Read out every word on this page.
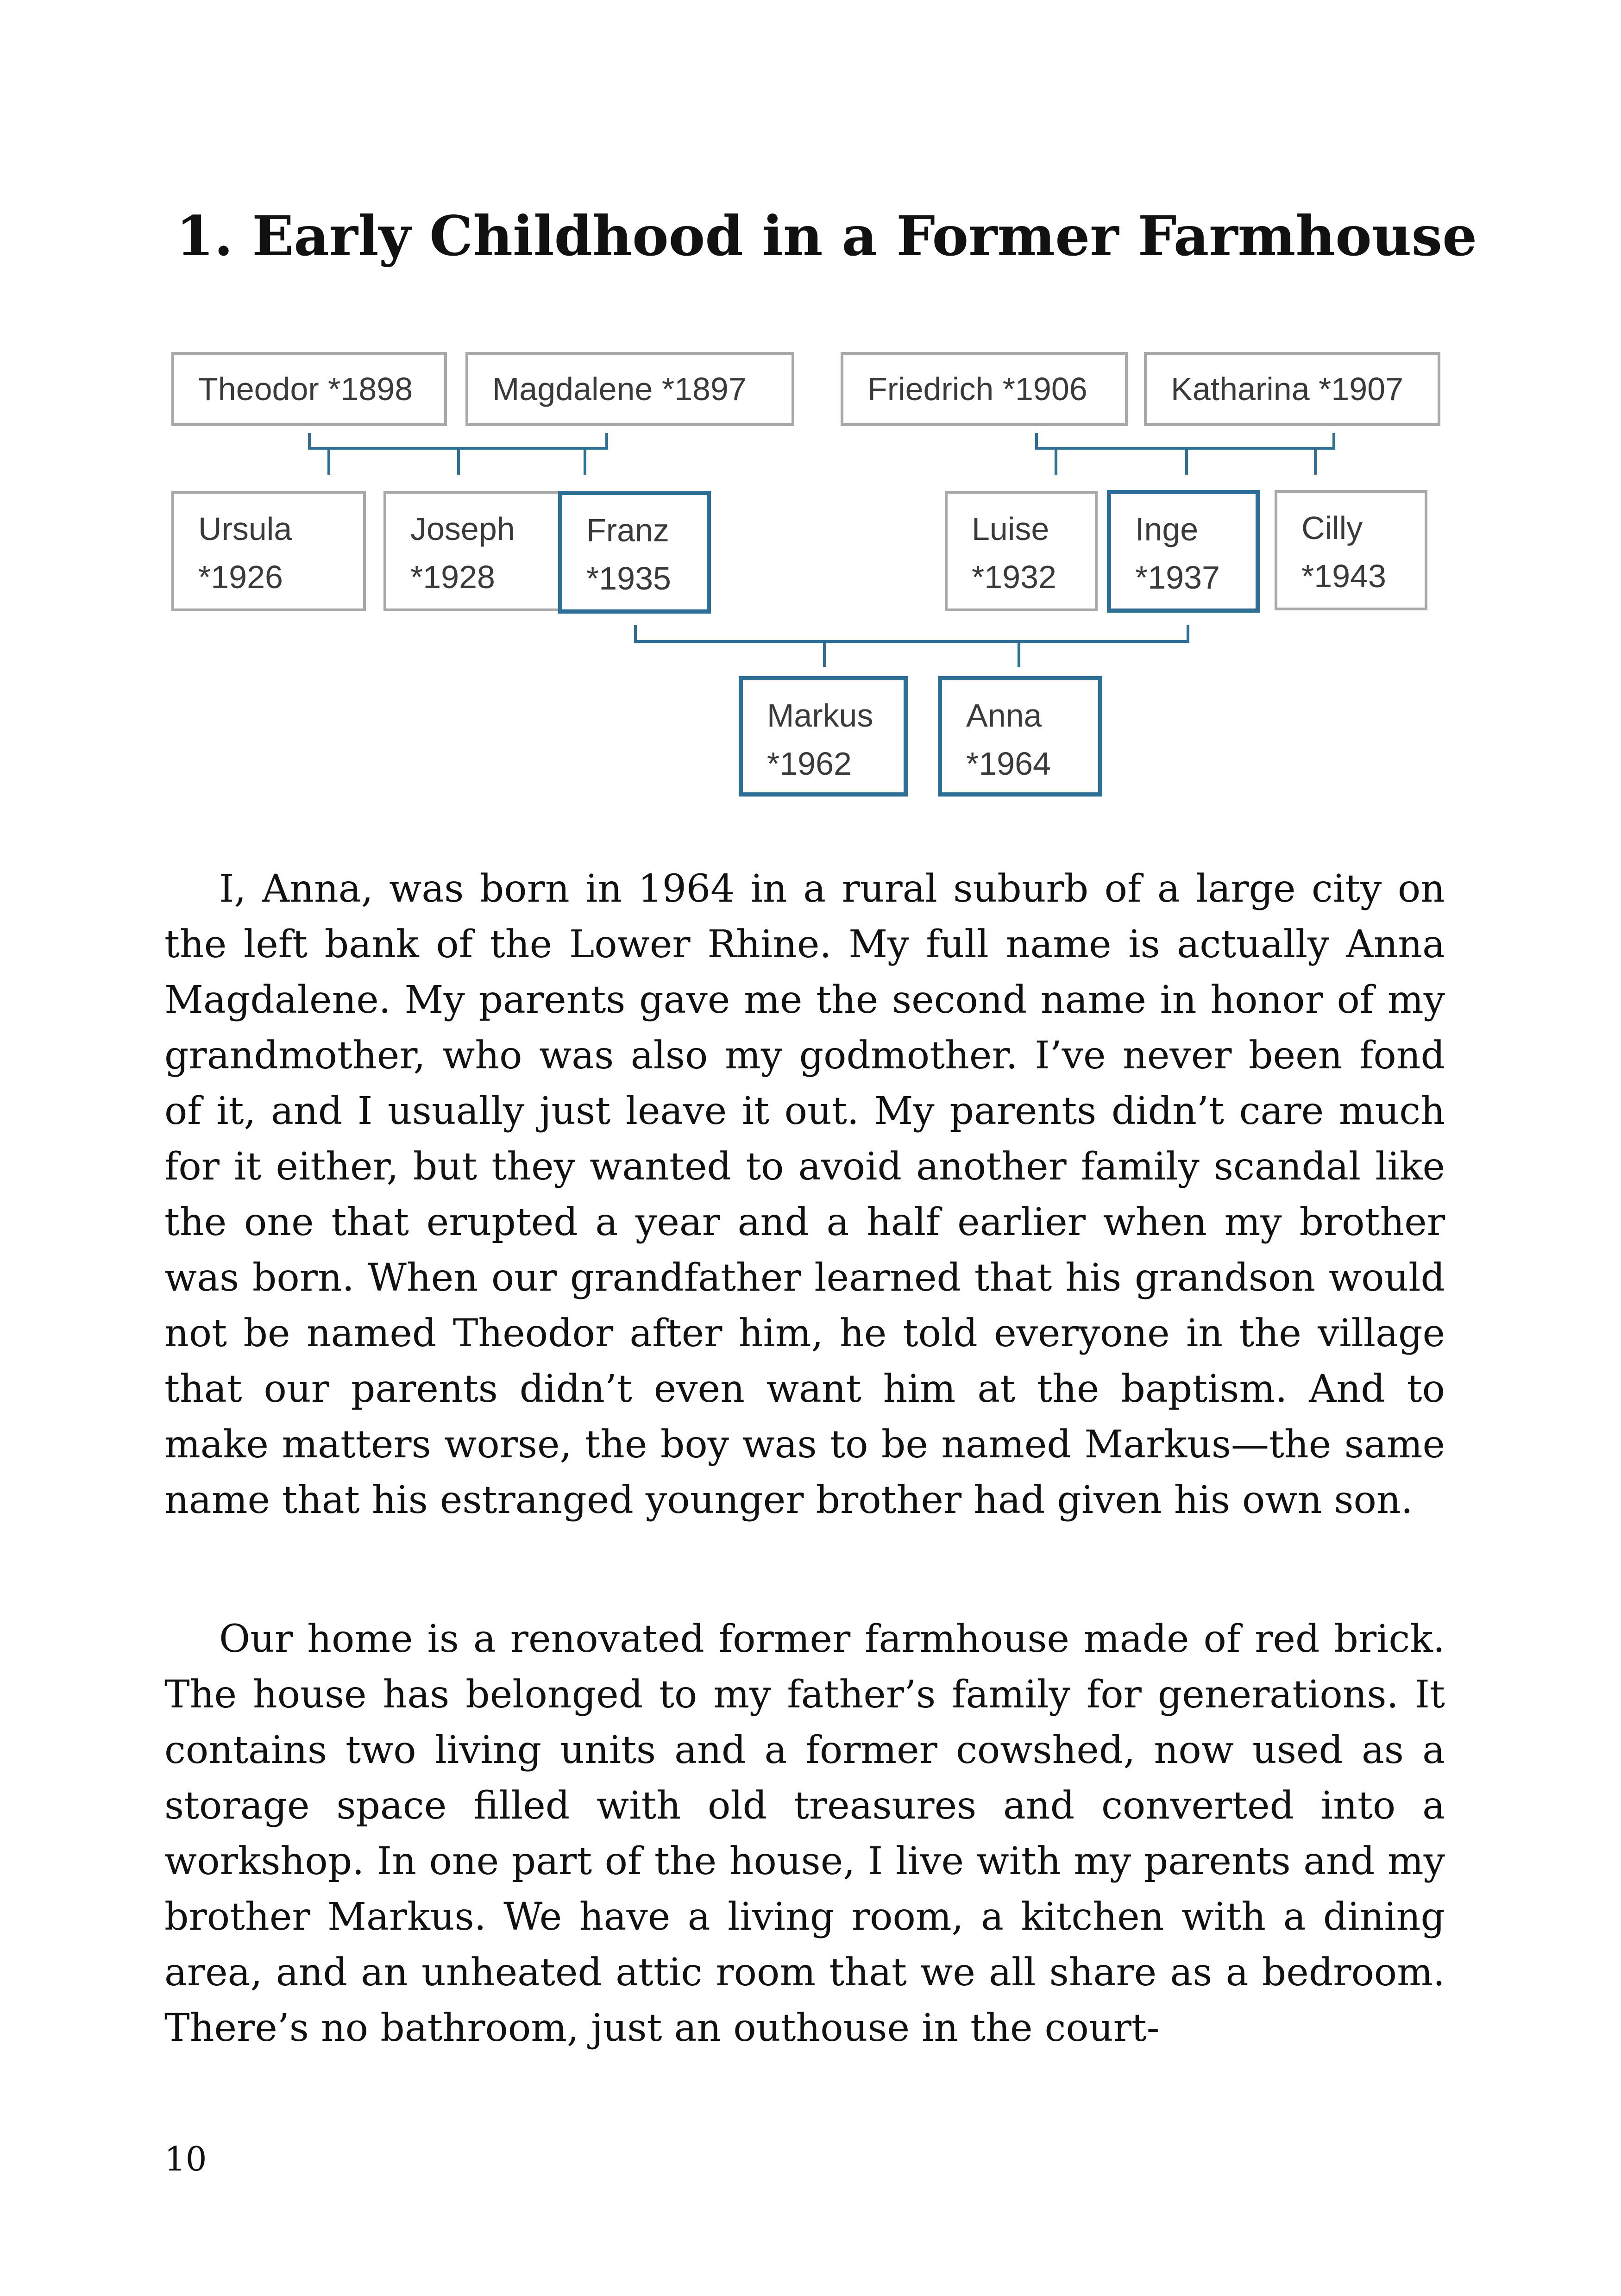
1. Early Childhood in a Former Farmhouse
Theodor *1898 Magdalene *1897	Friedrich *1906	Katharina *1907
Ursula
*1926
Joseph
*1928
Franz
*1935
Luise
*1932
Inge
*1937
Cilly
*1943
Markus
*1962
Anna
*1964

I, Anna, was born in 1964 in a rural suburb of a large city on the left bank of the Lower Rhine. My full name is actually Anna Magdalene. My parents gave me the second name in honor of my grandmother, who was also my godmother. I’ve never been fond of it, and I usually just leave it out. My parents didn’t care much for it either, but they wanted to avoid another family scandal like the one that erupted a year and a half earlier when my brother was born. When our grandfather learned that his grandson would not be named Theodor after him, he told everyone in the village that our parents didn’t even want him at the baptism. And to make matters worse, the boy was to be named Markus—the same name that his estranged younger brother had given his own son.

Our home is a renovated former farmhouse made of red brick. The house has belonged to my father’s family for generations. It contains two living units and a former cowshed, now used as a storage space filled with old treasures and converted into a workshop. In one part of the house, I live with my parents and my brother Markus. We have a living room, a kitchen with a dining area, and an unheated attic room that we all share as a bedroom. There’s no bathroom, just an outhouse in the court-

10
